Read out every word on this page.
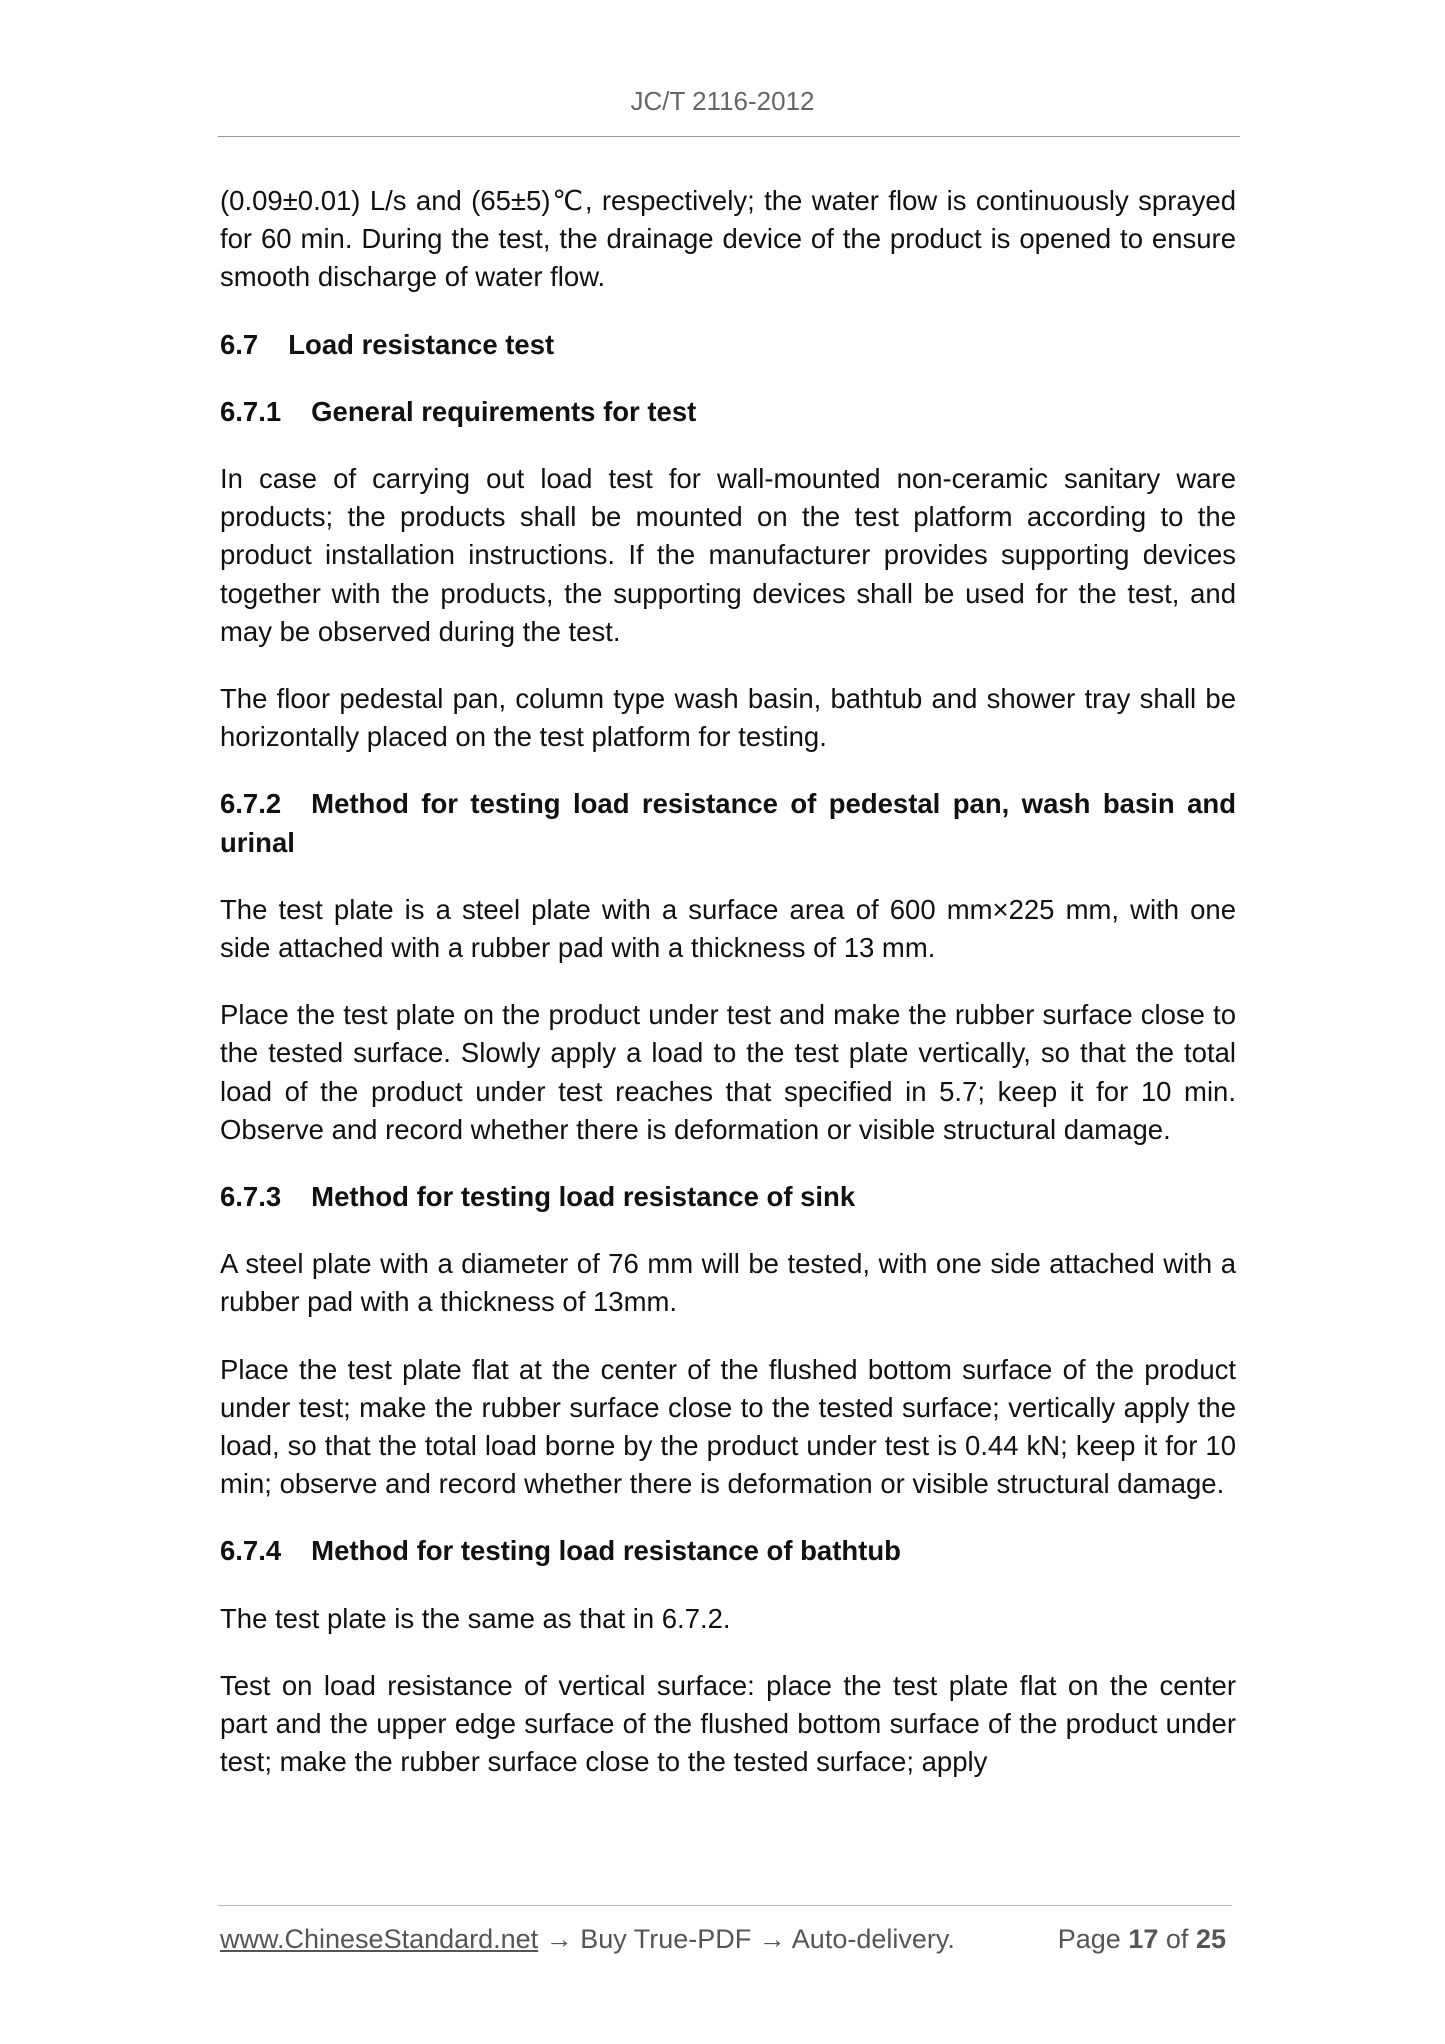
JC/T 2116-2012

(0.09±0.01) L/s and (65±5)℃, respectively; the water flow is continuously sprayed for 60 min. During the test, the drainage device of the product is opened to ensure smooth discharge of water flow.

6.7 Load resistance test
6.7.1 General requirements for test

In case of carrying out load test for wall-mounted non-ceramic sanitary ware products; the products shall be mounted on the test platform according to the product installation instructions. If the manufacturer provides supporting devices together with the products, the supporting devices shall be used for the test, and may be observed during the test.

The floor pedestal pan, column type wash basin, bathtub and shower tray shall be horizontally placed on the test platform for testing.

6.7.2 Method for testing load resistance of pedestal pan, wash basin and urinal

The test plate is a steel plate with a surface area of 600 mm×225 mm, with one side attached with a rubber pad with a thickness of 13 mm.

Place the test plate on the product under test and make the rubber surface close to the tested surface. Slowly apply a load to the test plate vertically, so that the total load of the product under test reaches that specified in 5.7; keep it for 10 min. Observe and record whether there is deformation or visible structural damage.

6.7.3 Method for testing load resistance of sink

A steel plate with a diameter of 76 mm will be tested, with one side attached with a rubber pad with a thickness of 13mm.

Place the test plate flat at the center of the flushed bottom surface of the product under test; make the rubber surface close to the tested surface; vertically apply the load, so that the total load borne by the product under test is 0.44 kN; keep it for 10 min; observe and record whether there is deformation or visible structural damage.

6.7.4 Method for testing load resistance of bathtub

The test plate is the same as that in 6.7.2.

Test on load resistance of vertical surface: place the test plate flat on the center part and the upper edge surface of the flushed bottom surface of the product under test; make the rubber surface close to the tested surface; apply

www.ChineseStandard.net → Buy True-PDF → Auto-delivery.	Page 17 of 25
